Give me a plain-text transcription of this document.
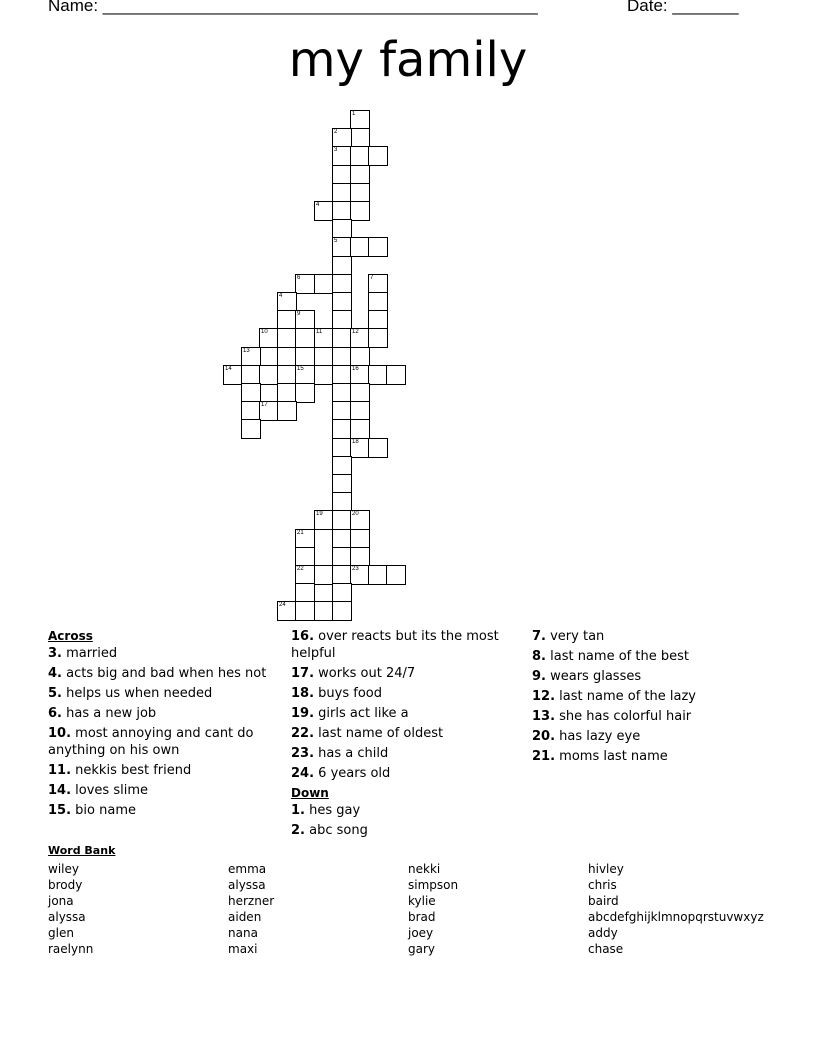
Name: ______________________________________________	Date: _______
my family
1
2
3
4
5
6	7
4
9
10	11	12
13
14	15	16
17
18
19	20
21
22	23
24
Across
3. married
4. acts big and bad when hes not
5. helps us when needed
6. has a new job
10. most annoying and cant do anything on his own
11. nekkis best friend
14. loves slime
15. bio name
16. over reacts but its the most helpful
17. works out 24/7
18. buys food
19. girls act like a
22. last name of oldest
23. has a child
24. 6 years old
Down
1. hes gay
2. abc song
7. very tan
8. last name of the best
9. wears glasses
12. last name of the lazy
13. she has colorful hair
20. has lazy eye
21. moms last name
Word Bank
wiley
brody
jona
alyssa
glen
raelynn
emma
alyssa
herzner
aiden
nana
maxi
nekki
simpson
kylie
brad
joey
gary
hivley
chris
baird
abcdefghijklmnopqrstuvwxyz
addy
chase
